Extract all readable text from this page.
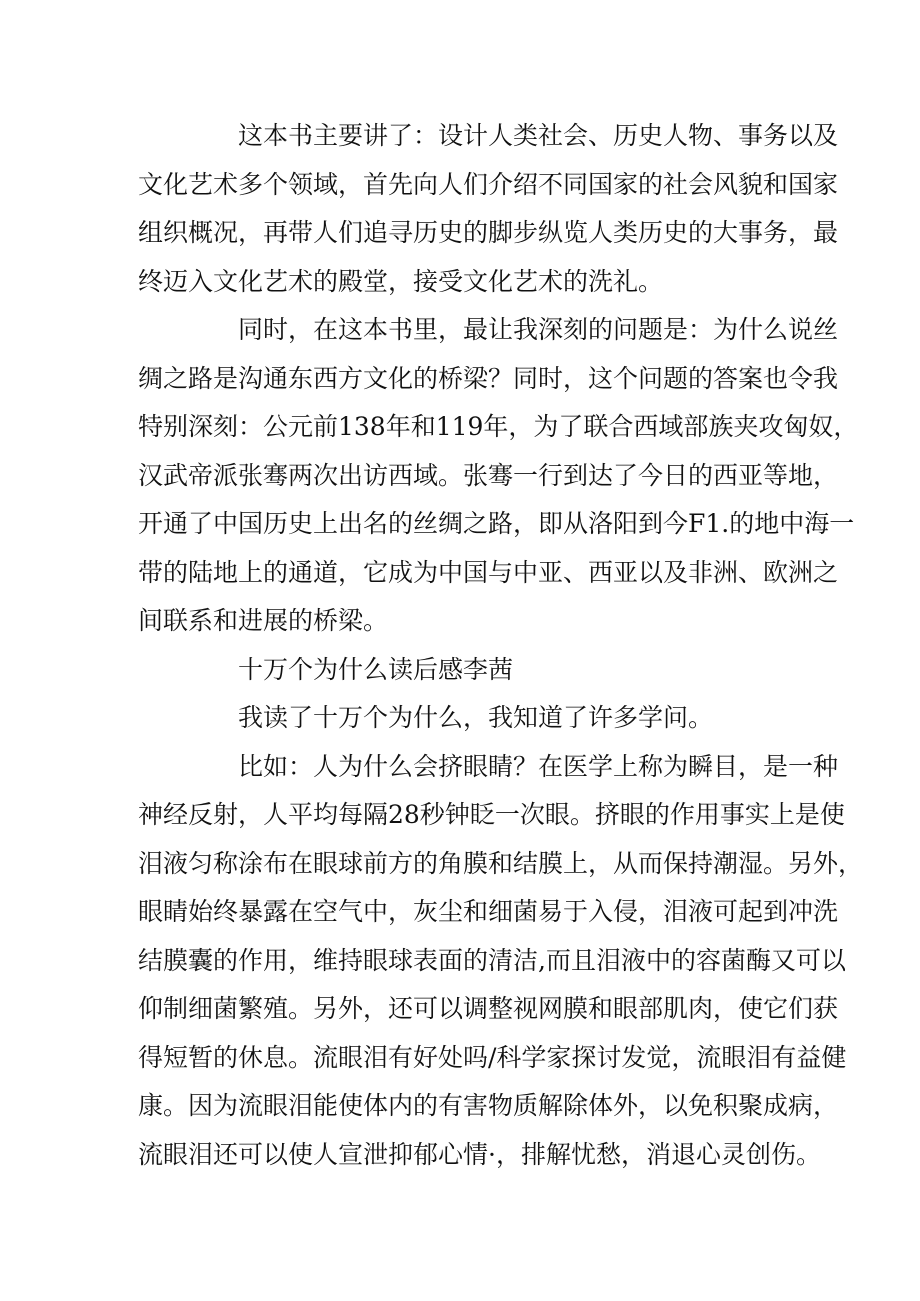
这本书主要讲了：设计人类社会、历史人物、事务以及
文化艺术多个领域，首先向人们介绍不同国家的社会风貌和国家
组织概况，再带人们追寻历史的脚步纵览人类历史的大事务，最
终迈入文化艺术的殿堂，接受文化艺术的洗礼。
同时，在这本书里，最让我深刻的问题是：为什么说丝
绸之路是沟通东西方文化的桥梁？同时，这个问题的答案也令我
特别深刻：公元前138年和119年，为了联合西域部族夹攻匈奴，
汉武帝派张骞两次出访西域。张骞一行到达了今日的西亚等地，
开通了中国历史上出名的丝绸之路，即从洛阳到今F1.的地中海一
带的陆地上的通道，它成为中国与中亚、西亚以及非洲、欧洲之
间联系和进展的桥梁。
十万个为什么读后感李茜
我读了十万个为什么，我知道了许多学问。
比如：人为什么会挤眼睛？在医学上称为瞬目，是一种
神经反射，人平均每隔28秒钟眨一次眼。挤眼的作用事实上是使
泪液匀称涂布在眼球前方的角膜和结膜上，从而保持潮湿。另外，
眼睛始终暴露在空气中，灰尘和细菌易于入侵，泪液可起到冲洗
结膜囊的作用，维持眼球表面的清洁,而且泪液中的容菌酶又可以
仰制细菌繁殖。另外，还可以调整视网膜和眼部肌肉，使它们获
得短暂的休息。流眼泪有好处吗/科学家探讨发觉，流眼泪有益健
康。因为流眼泪能使体内的有害物质解除体外，以免积聚成病，
流眼泪还可以使人宣泄抑郁心情·，排解忧愁，消退心灵创伤。
